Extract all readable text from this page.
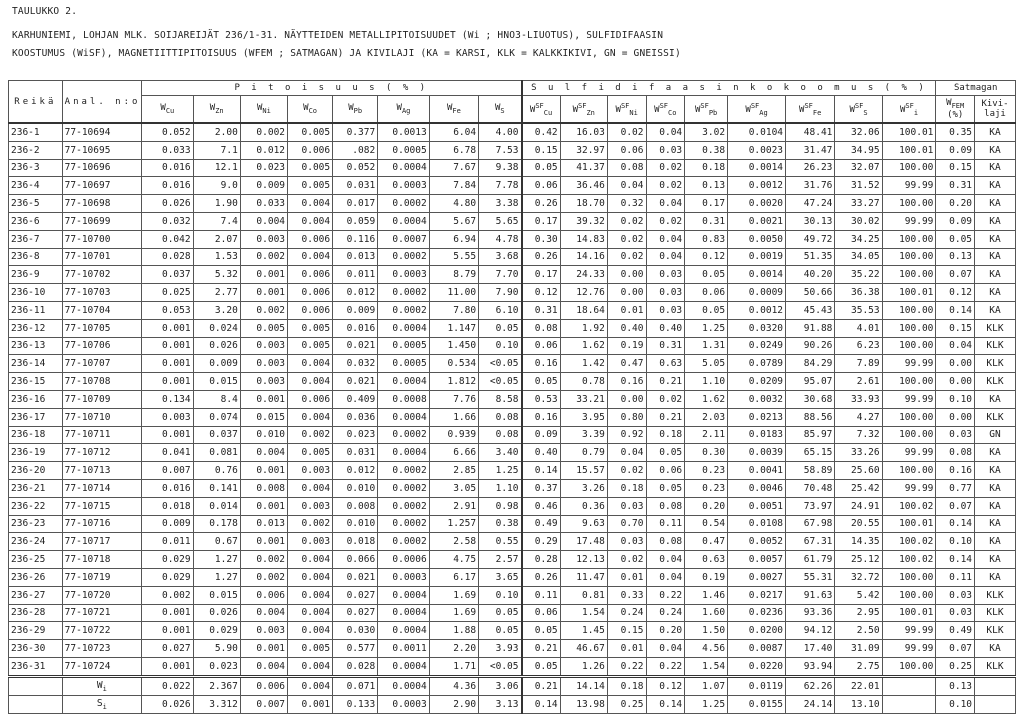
TAULUKKO 2.
KARHUNIEMI, LOHJAN MLK. SOIJAREIJÄT 236/1-31. NÄYTTEIDEN METALLIPITOISUUDET (Wi ; HNO3-LIUOTUS), SULFIDIFAASIN
KOOSTUMUS (WiSF), MAGNETIITTIPITOISUUS (WFEM ; SATMAGAN) JA KIVILAJI (KA = KARSI, KLK = KALKKIKIVI, GN = GNEISSI)
Reikä	Anal. n:o	P i t o i s u u s ( % )								S u l f i d i f a a s i n k o k o o m u s ( % )									Satmagan	
		$W_{Cu}$	$W_{Zn}$	$W_{Ni}$	$W_{Co}$	$W_{Pb}$	$W_{Ag}$	$W_{Fe}$	$W_S$	$W^{SF}_{Cu}$	$W^{SF}_{Zn}$	$W^{SF}_{Ni}$	$W^{SF}_{Co}$	$W^{SF}_{Pb}$	$W^{SF}_{Ag}$	$W^{SF}_{Fe}$	$W^{SF}_S$	$W^{SF}_i$	$W_{FEM}$
(%)	Kivi-
laji
236-1	77-10694	0.052	2.00	0.002	0.005	0.377	0.0013	6.04	4.00	0.42	16.03	0.02	0.04	3.02	0.0104	48.41	32.06	100.01	0.35	KA
236-2	77-10695	0.033	7.1	0.012	0.006	.082	0.0005	6.78	7.53	0.15	32.97	0.06	0.03	0.38	0.0023	31.47	34.95	100.01	0.09	KA
236-3	77-10696	0.016	12.1	0.023	0.005	0.052	0.0004	7.67	9.38	0.05	41.37	0.08	0.02	0.18	0.0014	26.23	32.07	100.00	0.15	KA
236-4	77-10697	0.016	9.0	0.009	0.005	0.031	0.0003	7.84	7.78	0.06	36.46	0.04	0.02	0.13	0.0012	31.76	31.52	99.99	0.31	KA
236-5	77-10698	0.026	1.90	0.033	0.004	0.017	0.0002	4.80	3.38	0.26	18.70	0.32	0.04	0.17	0.0020	47.24	33.27	100.00	0.20	KA
236-6	77-10699	0.032	7.4	0.004	0.004	0.059	0.0004	5.67	5.65	0.17	39.32	0.02	0.02	0.31	0.0021	30.13	30.02	99.99	0.09	KA
236-7	77-10700	0.042	2.07	0.003	0.006	0.116	0.0007	6.94	4.78	0.30	14.83	0.02	0.04	0.83	0.0050	49.72	34.25	100.00	0.05	KA
236-8	77-10701	0.028	1.53	0.002	0.004	0.013	0.0002	5.55	3.68	0.26	14.16	0.02	0.04	0.12	0.0019	51.35	34.05	100.00	0.13	KA
236-9	77-10702	0.037	5.32	0.001	0.006	0.011	0.0003	8.79	7.70	0.17	24.33	0.00	0.03	0.05	0.0014	40.20	35.22	100.00	0.07	KA
236-10	77-10703	0.025	2.77	0.001	0.006	0.012	0.0002	11.00	7.90	0.12	12.76	0.00	0.03	0.06	0.0009	50.66	36.38	100.01	0.12	KA
236-11	77-10704	0.053	3.20	0.002	0.006	0.009	0.0002	7.80	6.10	0.31	18.64	0.01	0.03	0.05	0.0012	45.43	35.53	100.00	0.14	KA
236-12	77-10705	0.001	0.024	0.005	0.005	0.016	0.0004	1.147	0.05	0.08	1.92	0.40	0.40	1.25	0.0320	91.88	4.01	100.00	0.15	KLK
236-13	77-10706	0.001	0.026	0.003	0.005	0.021	0.0005	1.450	0.10	0.06	1.62	0.19	0.31	1.31	0.0249	90.26	6.23	100.00	0.04	KLK
236-14	77-10707	0.001	0.009	0.003	0.004	0.032	0.0005	0.534	<0.05	0.16	1.42	0.47	0.63	5.05	0.0789	84.29	7.89	99.99	0.00	KLK
236-15	77-10708	0.001	0.015	0.003	0.004	0.021	0.0004	1.812	<0.05	0.05	0.78	0.16	0.21	1.10	0.0209	95.07	2.61	100.00	0.00	KLK
236-16	77-10709	0.134	8.4	0.001	0.006	0.409	0.0008	7.76	8.58	0.53	33.21	0.00	0.02	1.62	0.0032	30.68	33.93	99.99	0.10	KA
236-17	77-10710	0.003	0.074	0.015	0.004	0.036	0.0004	1.66	0.08	0.16	3.95	0.80	0.21	2.03	0.0213	88.56	4.27	100.00	0.00	KLK
236-18	77-10711	0.001	0.037	0.010	0.002	0.023	0.0002	0.939	0.08	0.09	3.39	0.92	0.18	2.11	0.0183	85.97	7.32	100.00	0.03	GN
236-19	77-10712	0.041	0.081	0.004	0.005	0.031	0.0004	6.66	3.40	0.40	0.79	0.04	0.05	0.30	0.0039	65.15	33.26	99.99	0.08	KA
236-20	77-10713	0.007	0.76	0.001	0.003	0.012	0.0002	2.85	1.25	0.14	15.57	0.02	0.06	0.23	0.0041	58.89	25.60	100.00	0.16	KA
236-21	77-10714	0.016	0.141	0.008	0.004	0.010	0.0002	3.05	1.10	0.37	3.26	0.18	0.05	0.23	0.0046	70.48	25.42	99.99	0.77	KA
236-22	77-10715	0.018	0.014	0.001	0.003	0.008	0.0002	2.91	0.98	0.46	0.36	0.03	0.08	0.20	0.0051	73.97	24.91	100.02	0.07	KA
236-23	77-10716	0.009	0.178	0.013	0.002	0.010	0.0002	1.257	0.38	0.49	9.63	0.70	0.11	0.54	0.0108	67.98	20.55	100.01	0.14	KA
236-24	77-10717	0.011	0.67	0.001	0.003	0.018	0.0002	2.58	0.55	0.29	17.48	0.03	0.08	0.47	0.0052	67.31	14.35	100.02	0.10	KA
236-25	77-10718	0.029	1.27	0.002	0.004	0.066	0.0006	4.75	2.57	0.28	12.13	0.02	0.04	0.63	0.0057	61.79	25.12	100.02	0.14	KA
236-26	77-10719	0.029	1.27	0.002	0.004	0.021	0.0003	6.17	3.65	0.26	11.47	0.01	0.04	0.19	0.0027	55.31	32.72	100.00	0.11	KA
236-27	77-10720	0.002	0.015	0.006	0.004	0.027	0.0004	1.69	0.10	0.11	0.81	0.33	0.22	1.46	0.0217	91.63	5.42	100.00	0.03	KLK
236-28	77-10721	0.001	0.026	0.004	0.004	0.027	0.0004	1.69	0.05	0.06	1.54	0.24	0.24	1.60	0.0236	93.36	2.95	100.01	0.03	KLK
236-29	77-10722	0.001	0.029	0.003	0.004	0.030	0.0004	1.88	0.05	0.05	1.45	0.15	0.20	1.50	0.0200	94.12	2.50	99.99	0.49	KLK
236-30	77-10723	0.027	5.90	0.001	0.005	0.577	0.0011	2.20	3.93	0.21	46.67	0.01	0.04	4.56	0.0087	17.40	31.09	99.99	0.07	KA
236-31	77-10724	0.001	0.023	0.004	0.004	0.028	0.0004	1.71	<0.05	0.05	1.26	0.22	0.22	1.54	0.0220	93.94	2.75	100.00	0.25	KLK
	$W_i$	0.022	2.367	0.006	0.004	0.071	0.0004	4.36	3.06	0.21	14.14	0.18	0.12	1.07	0.0119	62.26	22.01		0.13	
	$S_i$	0.026	3.312	0.007	0.001	0.133	0.0003	2.90	3.13	0.14	13.98	0.25	0.14	1.25	0.0155	24.14	13.10		0.10	
